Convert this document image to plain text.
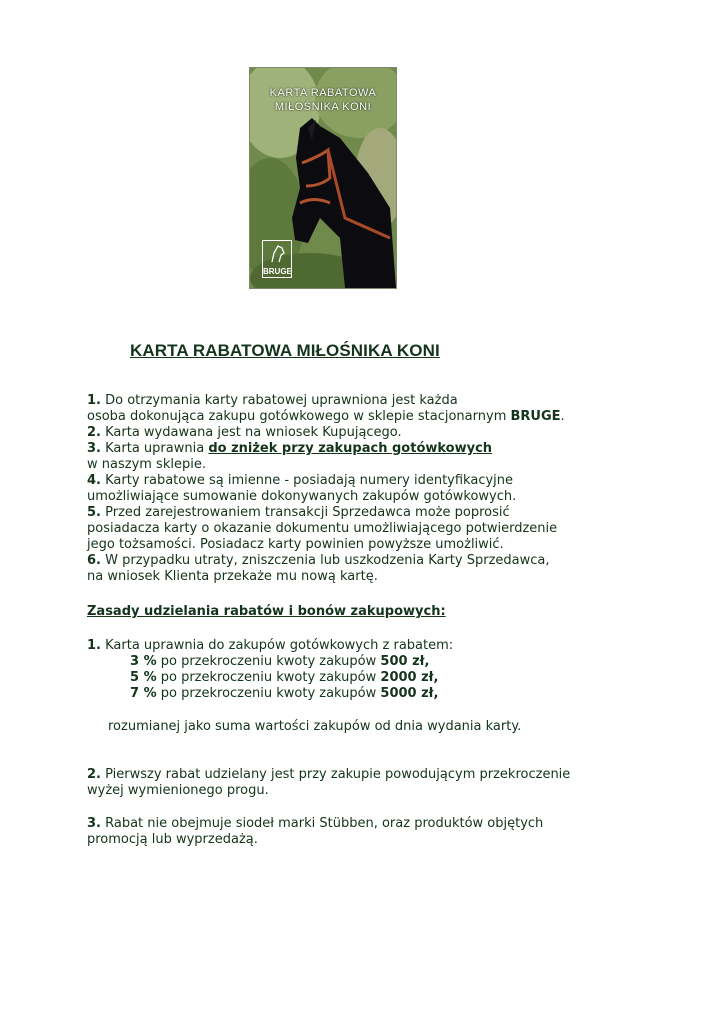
KARTA RABATOWA
MIŁOŚNIKA KONI
BRUGE
KARTA RABATOWA MIŁOŚNIKA KONI

1. Do otrzymania karty rabatowej uprawniona jest każda

osoba dokonująca zakupu gotówkowego w sklepie stacjonarnym BRUGE.

2. Karta wydawana jest na wniosek Kupującego.

3. Karta uprawnia do zniżek przy zakupach gotówkowych

w naszym sklepie.

4. Karty rabatowe są imienne - posiadają numery identyfikacyjne

umożliwiające sumowanie dokonywanych zakupów gotówkowych.

5. Przed zarejestrowaniem transakcji Sprzedawca może poprosić

posiadacza karty o okazanie dokumentu umożliwiającego potwierdzenie

jego tożsamości. Posiadacz karty powinien powyższe umożliwić.

6. W przypadku utraty, zniszczenia lub uszkodzenia Karty Sprzedawca,

na wniosek Klienta przekaże mu nową kartę.

Zasady udzielania rabatów i bonów zakupowych:

1. Karta uprawnia do zakupów gotówkowych z rabatem:

3 % po przekroczeniu kwoty zakupów 500 zł,

5 % po przekroczeniu kwoty zakupów 2000 zł,

7 % po przekroczeniu kwoty zakupów 5000 zł,

rozumianej jako suma wartości zakupów od dnia wydania karty.

2. Pierwszy rabat udzielany jest przy zakupie powodującym przekroczenie

wyżej wymienionego progu.

3. Rabat nie obejmuje siodeł marki Stübben, oraz produktów objętych

promocją lub wyprzedażą.
